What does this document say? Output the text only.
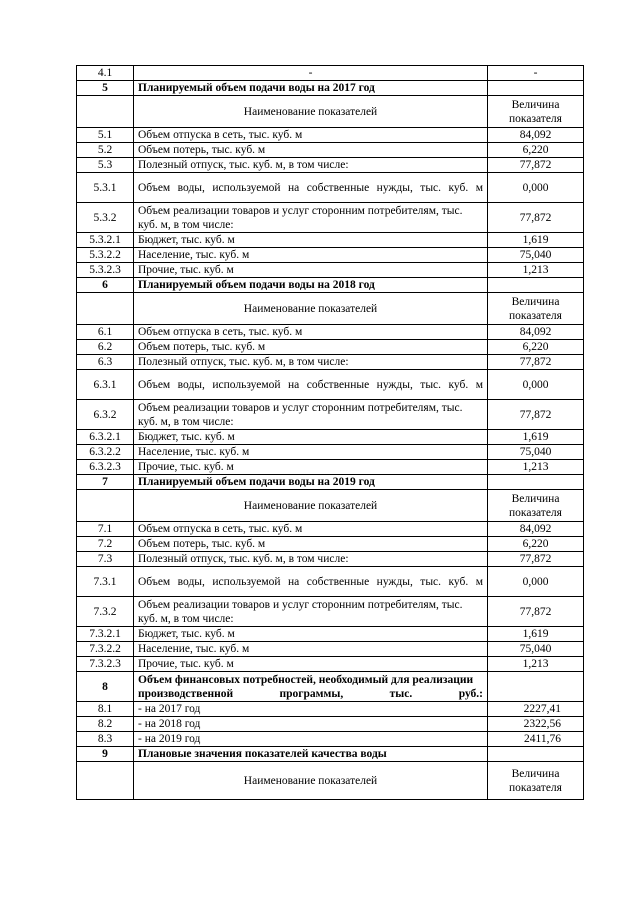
4.1	-	-
5	Планируемый объем подачи воды на 2017 год	
	Наименование показателей	Величина показателя
5.1	Объем отпуска в сеть, тыс. куб. м	84,092
5.2	Объем потерь, тыс. куб. м	6,220
5.3	Полезный отпуск, тыс. куб. м, в том числе:	77,872
5.3.1	Объем воды, используемой на собственные нужды, тыс. куб. м	0,000
5.3.2	Объем реализации товаров и услуг сторонним потребителям, тыс. куб. м, в том числе:	77,872
5.3.2.1	Бюджет, тыс. куб. м	1,619
5.3.2.2	Население, тыс. куб. м	75,040
5.3.2.3	Прочие, тыс. куб. м	1,213
6	Планируемый объем подачи воды на 2018 год	
	Наименование показателей	Величина показателя
6.1	Объем отпуска в сеть, тыс. куб. м	84,092
6.2	Объем потерь, тыс. куб. м	6,220
6.3	Полезный отпуск, тыс. куб. м, в том числе:	77,872
6.3.1	Объем воды, используемой на собственные нужды, тыс. куб. м	0,000
6.3.2	Объем реализации товаров и услуг сторонним потребителям, тыс. куб. м, в том числе:	77,872
6.3.2.1	Бюджет, тыс. куб. м	1,619
6.3.2.2	Население, тыс. куб. м	75,040
6.3.2.3	Прочие, тыс. куб. м	1,213
7	Планируемый объем подачи воды на 2019 год	
	Наименование показателей	Величина показателя
7.1	Объем отпуска в сеть, тыс. куб. м	84,092
7.2	Объем потерь, тыс. куб. м	6,220
7.3	Полезный отпуск, тыс. куб. м, в том числе:	77,872
7.3.1	Объем воды, используемой на собственные нужды, тыс. куб. м	0,000
7.3.2	Объем реализации товаров и услуг сторонним потребителям, тыс. куб. м, в том числе:	77,872
7.3.2.1	Бюджет, тыс. куб. м	1,619
7.3.2.2	Население, тыс. куб. м	75,040
7.3.2.3	Прочие, тыс. куб. м	1,213
8	Объем финансовых потребностей, необходимый для реализации производственной программы, тыс. руб.:	
8.1	- на 2017 год	2227,41
8.2	- на 2018 год	2322,56
8.3	- на 2019 год	2411,76
9	Плановые значения показателей качества воды	
	Наименование показателей	Величина показателя
